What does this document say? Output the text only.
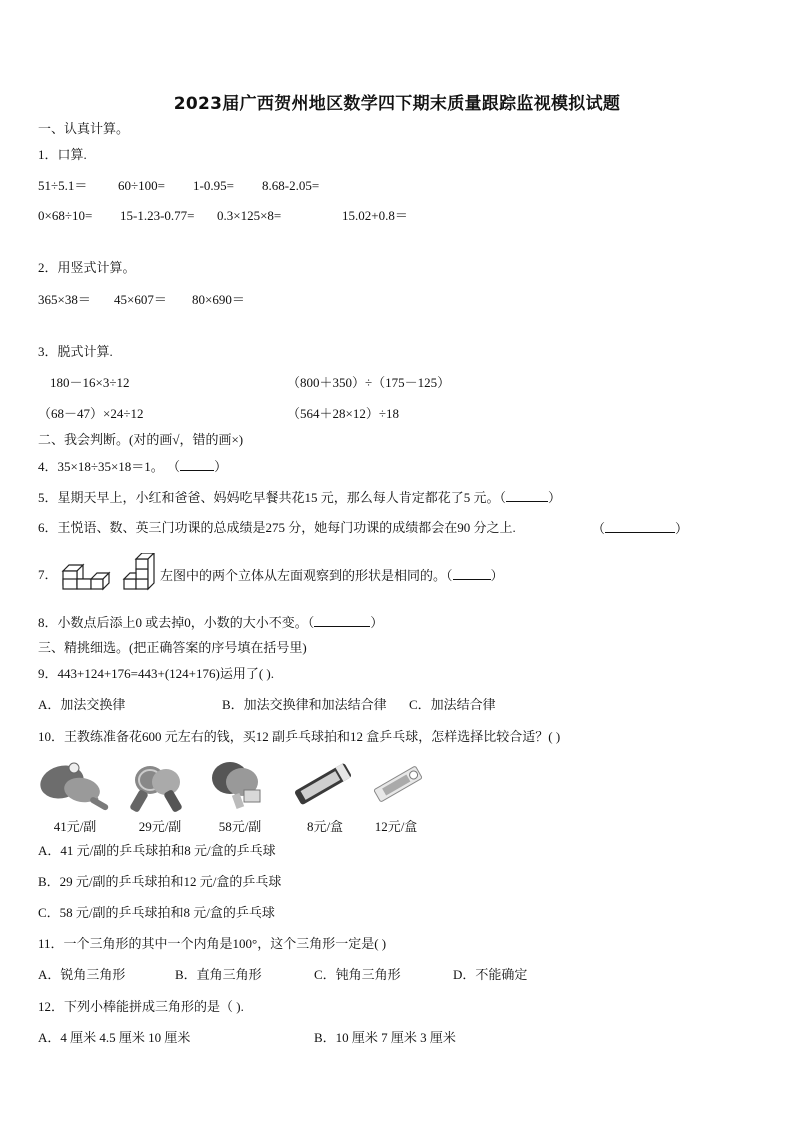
2023届广西贺州地区数学四下期末质量跟踪监视模拟试题
一、认真计算。
1．口算.
51÷5.1＝ 60÷100= 1-0.95= 8.68-2.05=
0×68÷10= 15-1.23-0.77= 0.3×125×8=	15.02+0.8＝
2．用竖式计算。
365×38＝ 45×607＝ 80×690＝
3．脱式计算.
180－16×3÷12	（800＋350）÷（175－125）
（68－47）×24÷12	（564＋28×12）÷18
二、我会判断。(对的画√，错的画×)
4．35×18÷35×18＝1。 （	）
5．星期天早上，小红和爸爸、妈妈吃早餐共花15 元，那么每人肯定都花了5 元。（	）
6．王悦语、数、英三门功课的总成绩是275 分，她每门功课的成绩都会在90 分之上.	（	）
7．	左图中的两个立体从左面观察到的形状是相同的。（	）
8．小数点后添上0 或去掉0，小数的大小不变。（	）
三、精挑细选。(把正确答案的序号填在括号里)
9．443+124+176=443+(124+176)运用了( ).
A．加法交换律	B．加法交换律和加法结合律 C．加法结合律
10．王教练准备花600 元左右的钱，买12 副乒乓球拍和12 盒乒乓球，怎样选择比较合适？( )
41元/副	29元/副	58元/副	8元/盒	12元/盒
A．41 元/副的乒乓球拍和8 元/盒的乒乓球
B．29 元/副的乒乓球拍和12 元/盒的乒乓球
C．58 元/副的乒乓球拍和8 元/盒的乒乓球
11．一个三角形的其中一个内角是100°，这个三角形一定是( )
A．锐角三角形	B．直角三角形	C．钝角三角形	D．不能确定
12．下列小棒能拼成三角形的是（ ).
A．4 厘米 4.5 厘米 10 厘米	B．10 厘米 7 厘米 3 厘米
